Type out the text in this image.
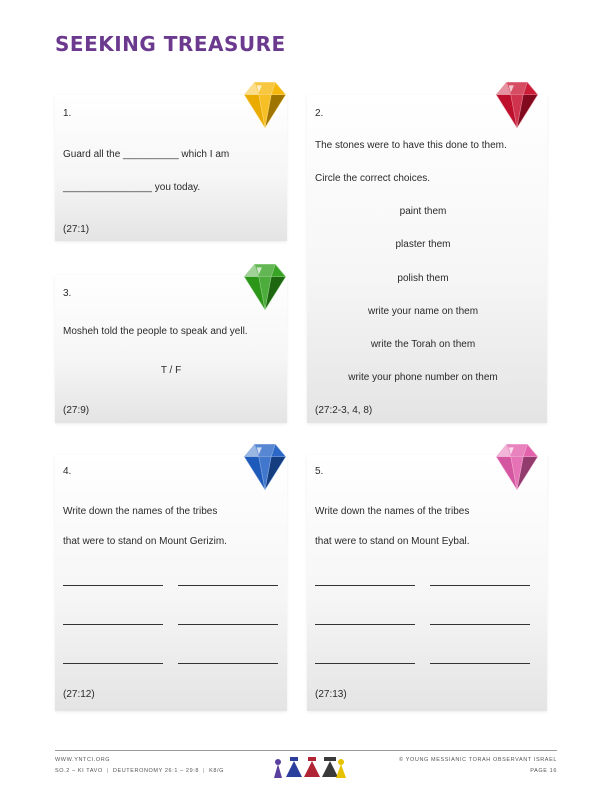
SEEKING TREASURE
1.
Guard all the __________ which I am
________________ you today.
(27:1)
2.
The stones were to have this done to them.
Circle the correct choices.
paint them
plaster them
polish them
write your name on them
write the Torah on them
write your phone number on them
(27:2-3, 4, 8)
3.
Mosheh told the people to speak and yell.
T / F
(27:9)
4.
Write down the names of the tribes
that were to stand on Mount Gerizim.
(27:12)
5.
Write down the names of the tribes
that were to stand on Mount Eybal.
(27:13)
WWW.YNTCI.ORG
SO.2 – KI TAVO | DEUTERONOMY 26:1 – 29:8 | K8/G
© YOUNG MESSIANIC TORAH OBSERVANT ISRAEL
PAGE 16
